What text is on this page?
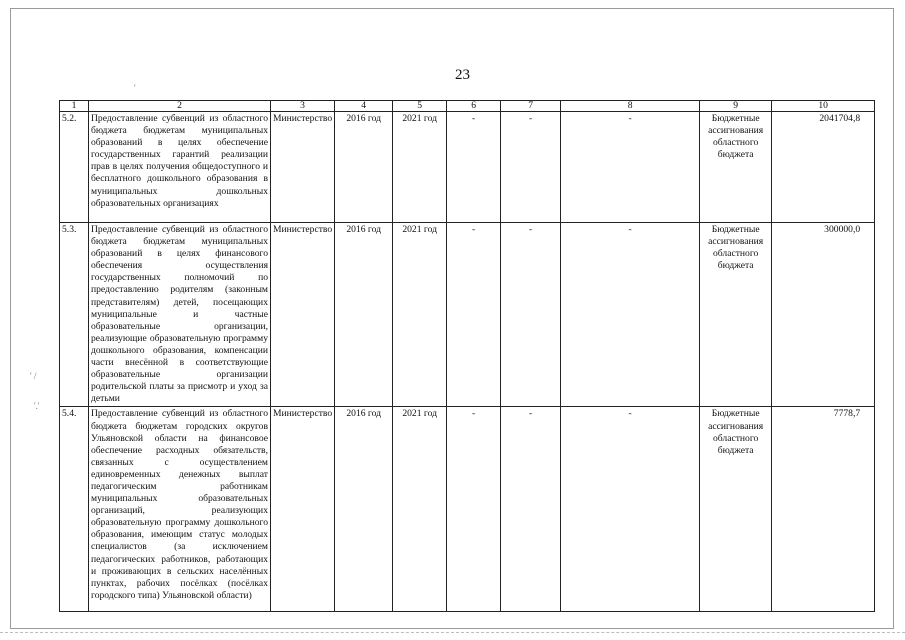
'
' /
'.'
23
1	2	3	4	5	6	7	8	9	10
5.2.	Предоставление субвенций из областного бюджета бюджетам муниципальных образований в целях обеспечение государственных гарантий реализации прав в целях получения общедоступного и бесплатного дошкольного образования в муниципальных дошкольных образовательных организациях	Министерство	2016 год	2021 год	-	-	-	Бюджетные ассигнования областного бюджета	2041704,8
5.3.	Предоставление субвенций из областного бюджета бюджетам муниципальных образований в целях финансового обеспечения осуществления государственных полномочий по предоставлению родителям (законным представителям) детей, посещающих муниципальные и частные образовательные организации, реализующие образовательную программу дошкольного образования, компенсации части внесённой в соответствующие образовательные организации родительской платы за присмотр и уход за детьми	Министерство	2016 год	2021 год	-	-	-	Бюджетные ассигнования областного бюджета	300000,0
5.4.	Предоставление субвенций из областного бюджета бюджетам городских округов Ульяновской области на финансовое обеспечение расходных обязательств, связанных с осуществлением единовременных денежных выплат педагогическим работникам муниципальных образовательных организаций, реализующих образовательную программу дошкольного образования, имеющим статус молодых специалистов (за исключением педагогических работников, работающих и проживающих в сельских населённых пунктах, рабочих посёлках (посёлках городского типа) Ульяновской области)	Министерство	2016 год	2021 год	-	-	-	Бюджетные ассигнования областного бюджета	7778,7
